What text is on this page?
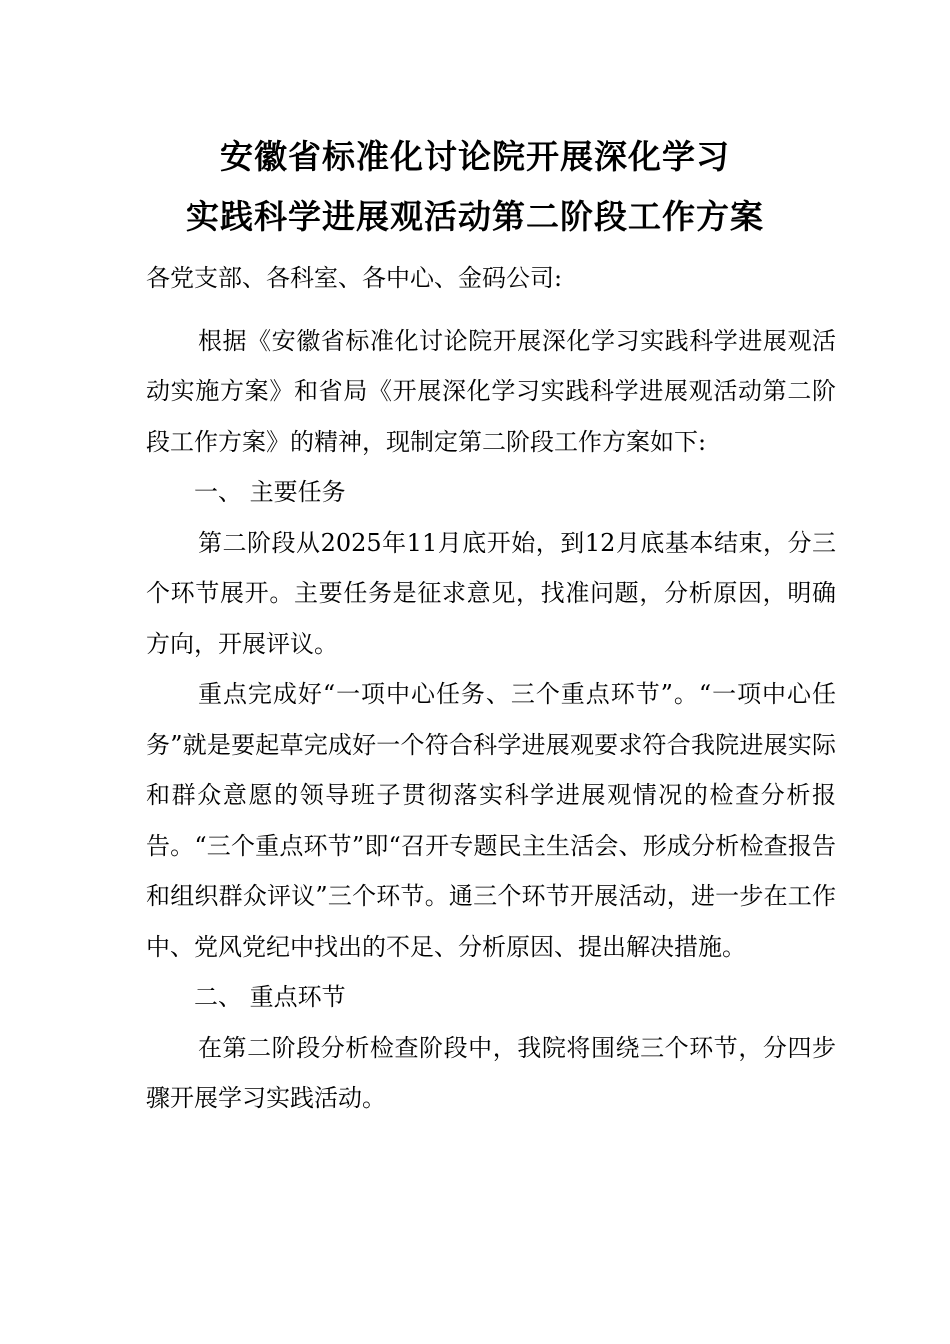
安徽省标准化讨论院开展深化学习
实践科学进展观活动第二阶段工作方案

各党支部、各科室、各中心、金码公司:

根据《安徽省标准化讨论院开展深化学习实践科学进展观活动实施方案》和省局《开展深化学习实践科学进展观活动第二阶段工作方案》的精神，现制定第二阶段工作方案如下:

一、 主要任务

第二阶段从2025年11月底开始，到12月底基本结束，分三个环节展开。主要任务是征求意见，找准问题，分析原因，明确方向，开展评议。

重点完成好“一项中心任务、三个重点环节”。“一项中心任务”就是要起草完成好一个符合科学进展观要求符合我院进展实际和群众意愿的领导班子贯彻落实科学进展观情况的检查分析报告。“三个重点环节”即“召开专题民主生活会、形成分析检查报告和组织群众评议”三个环节。通三个环节开展活动，进一步在工作中、党风党纪中找出的不足、分析原因、提出解决措施。

二、 重点环节

在第二阶段分析检查阶段中，我院将围绕三个环节，分四步骤开展学习实践活动。
